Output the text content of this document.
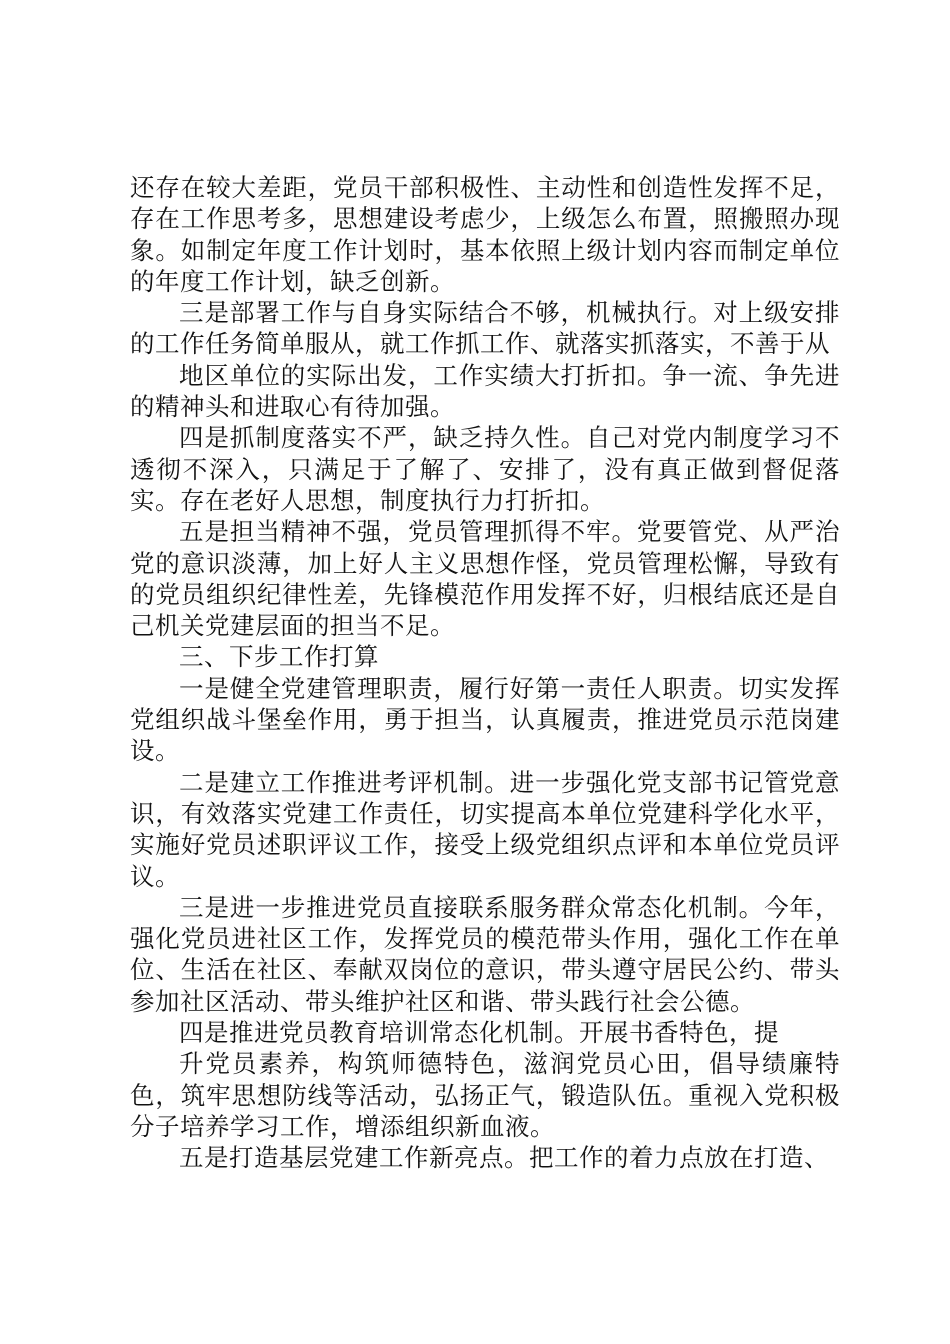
还存在较大差距，党员干部积极性、主动性和创造性发挥不足，存在工作思考多，思想建设考虑少，上级怎么布置，照搬照办现象。如制定年度工作计划时，基本依照上级计划内容而制定单位的年度工作计划，缺乏创新。

三是部署工作与自身实际结合不够，机械执行。对上级安排的工作任务简单服从，就工作抓工作、就落实抓落实，不善于从

地区单位的实际出发，工作实绩大打折扣。争一流、争先进的精神头和进取心有待加强。

四是抓制度落实不严，缺乏持久性。自己对党内制度学习不透彻不深入，只满足于了解了、安排了，没有真正做到督促落实。存在老好人思想，制度执行力打折扣。

五是担当精神不强，党员管理抓得不牢。党要管党、从严治党的意识淡薄，加上好人主义思想作怪，党员管理松懈，导致有的党员组织纪律性差，先锋模范作用发挥不好，归根结底还是自己机关党建层面的担当不足。

三、下步工作打算

一是健全党建管理职责，履行好第一责任人职责。切实发挥党组织战斗堡垒作用，勇于担当，认真履责，推进党员示范岗建设。

二是建立工作推进考评机制。进一步强化党支部书记管党意识，有效落实党建工作责任，切实提高本单位党建科学化水平，实施好党员述职评议工作，接受上级党组织点评和本单位党员评议。

三是进一步推进党员直接联系服务群众常态化机制。今年，强化党员进社区工作，发挥党员的模范带头作用，强化工作在单位、生活在社区、奉献双岗位的意识，带头遵守居民公约、带头参加社区活动、带头维护社区和谐、带头践行社会公德。

四是推进党员教育培训常态化机制。开展书香特色，提

升党员素养，构筑师德特色，滋润党员心田，倡导绩廉特色，筑牢思想防线等活动，弘扬正气，锻造队伍。重视入党积极分子培养学习工作，增添组织新血液。

五是打造基层党建工作新亮点。把工作的着力点放在打造、
